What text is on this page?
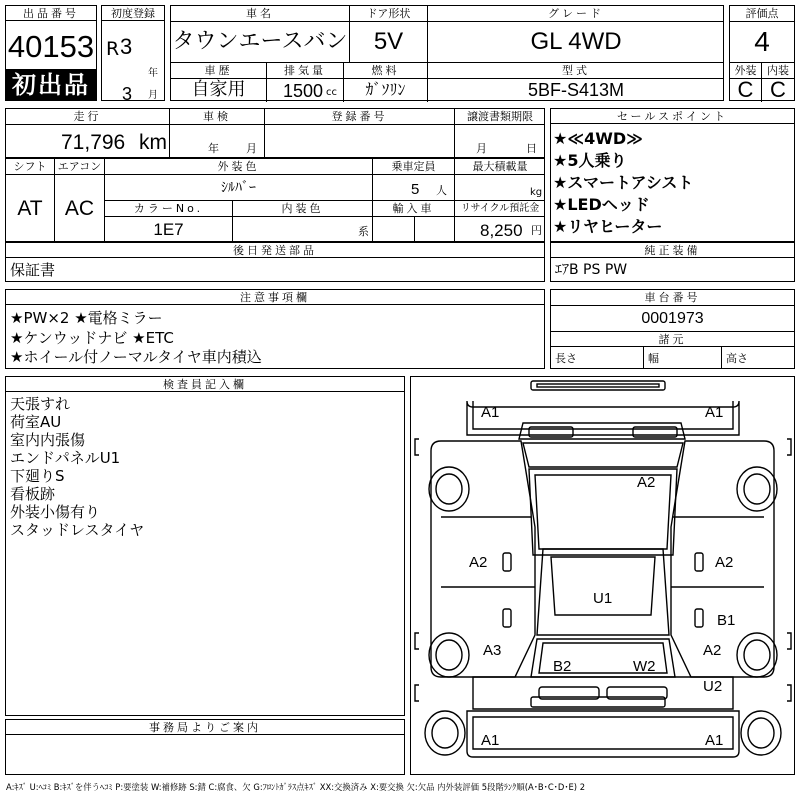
出品番号
40153
初出品
初度登録
R 3
年
3 月
車名
タウンエースバン
ドア形状
5V
グレード
GL 4WD
車歴
自家用
排気量
1500 cc
燃料
ｶﾞｿﾘﾝ
型式
5BF-S413M
評価点
4
外装 内装
C C
走行
71,796 km
車検
年 月
登録番号	譲渡書類期限
月	日
シフト
AT
エアコン
AC
外装色
ｼﾙﾊﾞｰ
乗車定員
5 人
最大積載量
kg
カラーNo.
1E7
内装色
系
輸入車	リサイクル預託金
8,250 円
セールスポイント
★≪4WD≫
★5人乗り
★スマートアシスト
★LEDヘッド
★リヤヒーター
後日発送部品
保証書
純正装備
ｴｱB PS PW
注意事項欄
★PW×2 ★電格ミラー
★ケンウッドナビ ★ETC
★ホイール付ノーマルタイヤ車内積込
車台番号
0001973
諸元
長さ	幅	高さ
検査員記入欄
天張すれ
荷室AU
室内内張傷
エンドパネルU1
下廻りS
看板跡
外装小傷有り
スタッドレスタイヤ
事務局よりご案内
A1	A1
A2
A2	A2
U1
B1
A3	A2
B2	W2
U2
A1	A1
A:ｷｽﾞ U:ﾍｺﾐ B:ｷｽﾞを伴うﾍｺﾐ P:要塗装 W:補修跡 S:錆 C:腐食、欠 G:ﾌﾛﾝﾄｶﾞﾗｽ点ｷｽﾞ XX:交換済み X:要交換 欠:欠品 内外装評価 5段階ﾗﾝｸ順(A･B･C･D･E) 2
